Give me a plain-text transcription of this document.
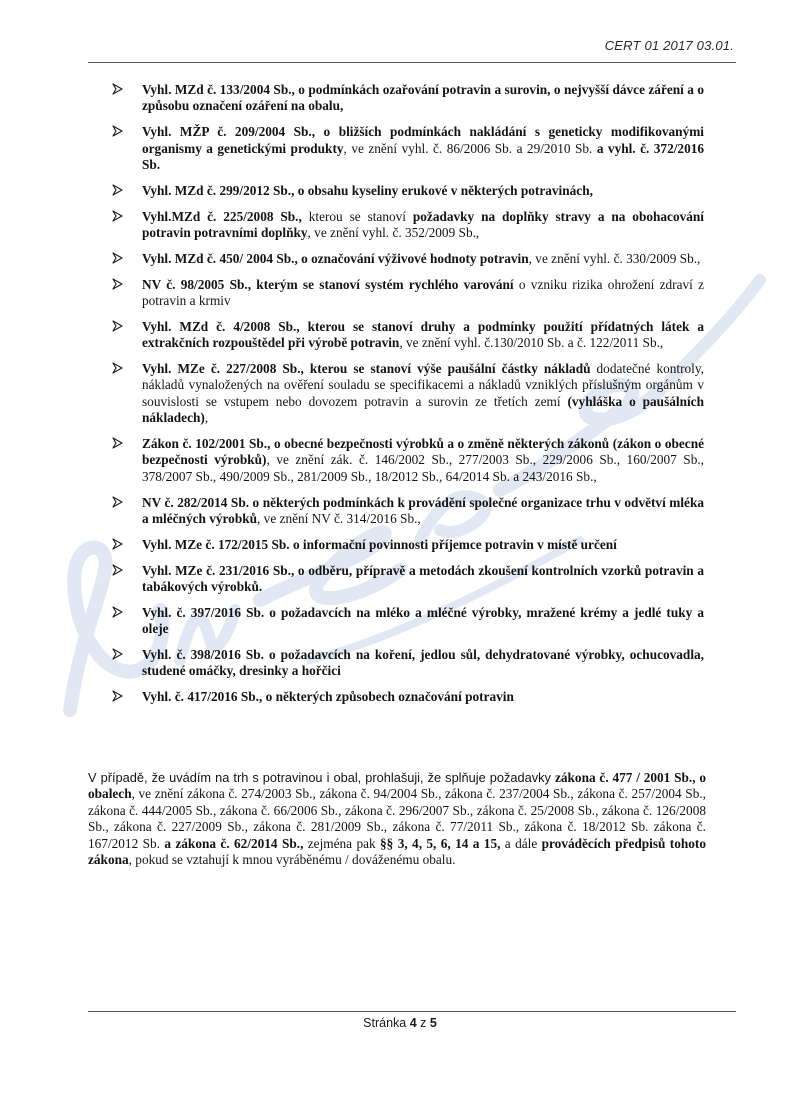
CERT 01 2017 03.01.
Vyhl. MZd č. 133/2004 Sb., o podmínkách ozařování potravin a surovin, o nejvyšší dávce záření a o způsobu označení ozáření na obalu,
Vyhl. MŽP č. 209/2004 Sb., o bližších podmínkách nakládání s geneticky modifikovanými organismy a genetickými produkty, ve znění vyhl. č. 86/2006 Sb. a 29/2010 Sb. a vyhl. č. 372/2016 Sb.
Vyhl. MZd č. 299/2012 Sb., o obsahu kyseliny erukové v některých potravinách,
Vyhl.MZd č. 225/2008 Sb., kterou se stanoví požadavky na doplňky stravy a na obohacování potravin potravními doplňky, ve znění vyhl. č. 352/2009 Sb.,
Vyhl. MZd č. 450/ 2004 Sb., o označování výživové hodnoty potravin, ve znění vyhl. č. 330/2009 Sb.,
NV č. 98/2005 Sb., kterým se stanoví systém rychlého varování o vzniku rizika ohrožení zdraví z potravin a krmiv
Vyhl. MZd č. 4/2008 Sb., kterou se stanoví druhy a podmínky použití přídatných látek a extrakčních rozpouštědel při výrobě potravin, ve znění vyhl. č.130/2010 Sb. a č. 122/2011 Sb.,
Vyhl. MZe č. 227/2008 Sb., kterou se stanoví výše paušální částky nákladů dodatečné kontroly, nákladů vynaložených na ověření souladu se specifikacemi a nákladů vzniklých příslušným orgánům v souvislosti se vstupem nebo dovozem potravin a surovin ze třetích zemí (vyhláška o paušálních nákladech),
Zákon č. 102/2001 Sb., o obecné bezpečnosti výrobků a o změně některých zákonů (zákon o obecné bezpečnosti výrobků), ve znění zák. č. 146/2002 Sb., 277/2003 Sb., 229/2006 Sb., 160/2007 Sb., 378/2007 Sb., 490/2009 Sb., 281/2009 Sb., 18/2012 Sb., 64/2014 Sb. a 243/2016 Sb.,
NV č. 282/2014 Sb. o některých podmínkách k provádění společné organizace trhu v odvětví mléka a mléčných výrobků, ve znění NV č. 314/2016 Sb.,
Vyhl. MZe č. 172/2015 Sb. o informační povinnosti příjemce potravin v místě určení
Vyhl. MZe č. 231/2016 Sb., o odběru, přípravě a metodách zkoušení kontrolních vzorků potravin a tabákových výrobků.
Vyhl. č. 397/2016 Sb. o požadavcích na mléko a mléčné výrobky, mražené krémy a jedlé tuky a oleje
Vyhl. č. 398/2016 Sb. o požadavcích na koření, jedlou sůl, dehydratované výrobky, ochucovadla, studené omáčky, dresinky a hořčici
Vyhl. č. 417/2016 Sb., o některých způsobech označování potravin
V případě, že uvádím na trh s potravinou i obal, prohlašuji, že splňuje požadavky zákona č. 477 / 2001 Sb., o obalech, ve znění zákona č. 274/2003 Sb., zákona č. 94/2004 Sb., zákona č. 237/2004 Sb., zákona č. 257/2004 Sb., zákona č. 444/2005 Sb., zákona č. 66/2006 Sb., zákona č. 296/2007 Sb., zákona č. 25/2008 Sb., zákona č. 126/2008 Sb., zákona č. 227/2009 Sb., zákona č. 281/2009 Sb., zákona č. 77/2011 Sb., zákona č. 18/2012 Sb. zákona č. 167/2012 Sb. a zákona č. 62/2014 Sb., zejména pak §§ 3, 4, 5, 6, 14 a 15, a dále prováděcích předpisů tohoto zákona, pokud se vztahují k mnou vyráběnému / dováženému obalu.
Stránka 4 z 5
